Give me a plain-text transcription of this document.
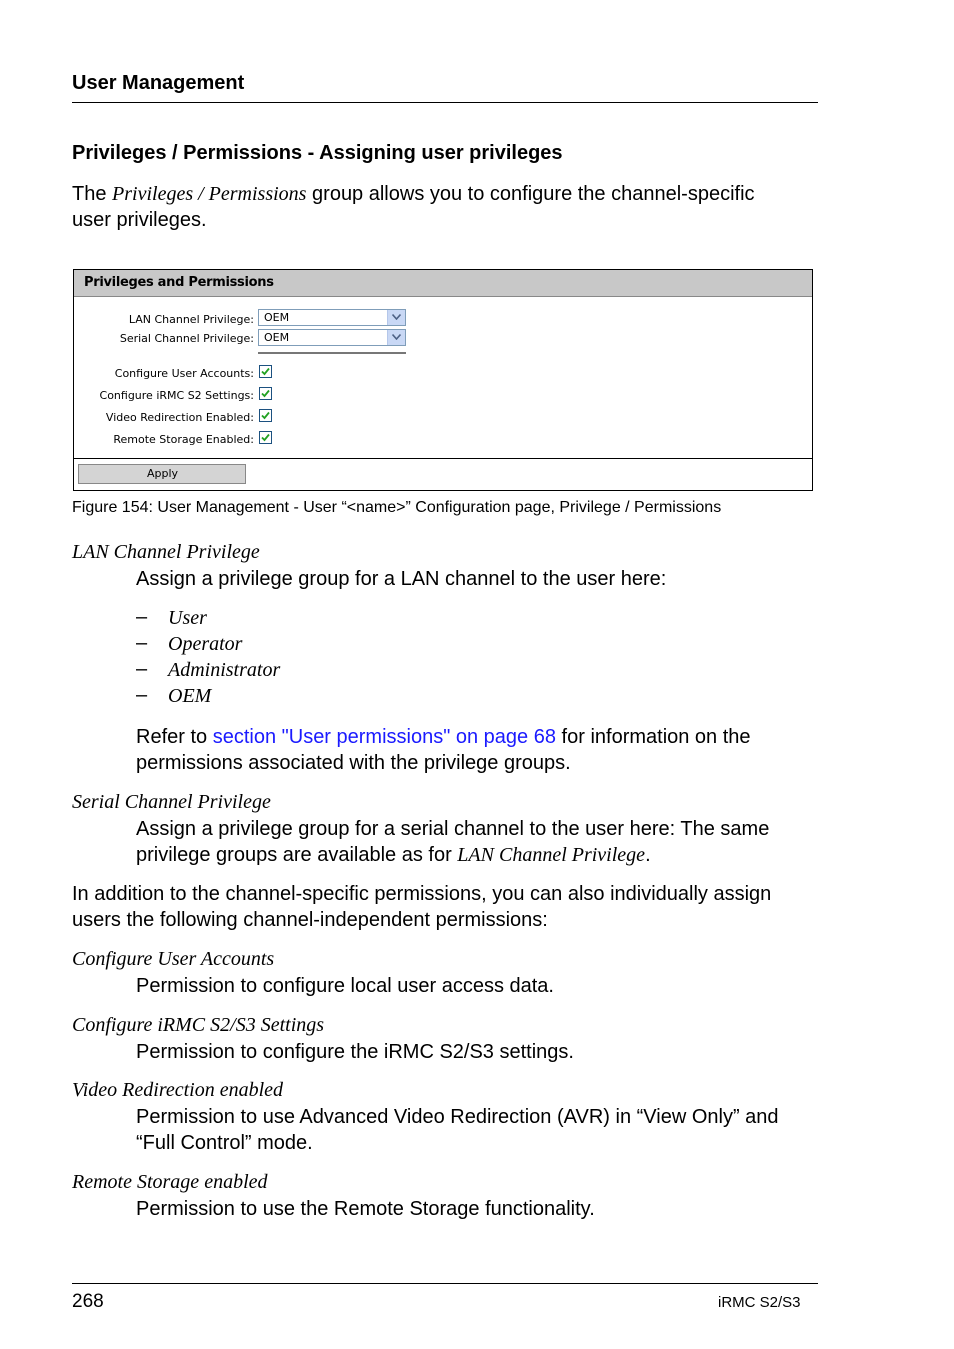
User Management
Privileges / Permissions - Assigning user privileges
The Privileges / Permissions group allows you to configure the channel-specific
user privileges.
Privileges and Permissions
LAN Channel Privilege: OEM
Serial Channel Privilege: OEM
Configure User Accounts:
Configure iRMC S2 Settings:
Video Redirection Enabled:
Remote Storage Enabled:
Apply
Figure 154: User Management - User “<name>” Configuration page, Privilege / Permissions
LAN Channel Privilege
Assign a privilege group for a LAN channel to the user here:
– User
– Operator
– Administrator
– OEM
Refer to section "User permissions" on page 68 for information on the
permissions associated with the privilege groups.
Serial Channel Privilege
Assign a privilege group for a serial channel to the user here: The same
privilege groups are available as for LAN Channel Privilege.
In addition to the channel-specific permissions, you can also individually assign
users the following channel-independent permissions:
Configure User Accounts
Permission to configure local user access data.
Configure iRMC S2/S3 Settings
Permission to configure the iRMC S2/S3 settings.
Video Redirection enabled
Permission to use Advanced Video Redirection (AVR) in “View Only” and
“Full Control” mode.
Remote Storage enabled
Permission to use the Remote Storage functionality.
268	iRMC S2/S3
